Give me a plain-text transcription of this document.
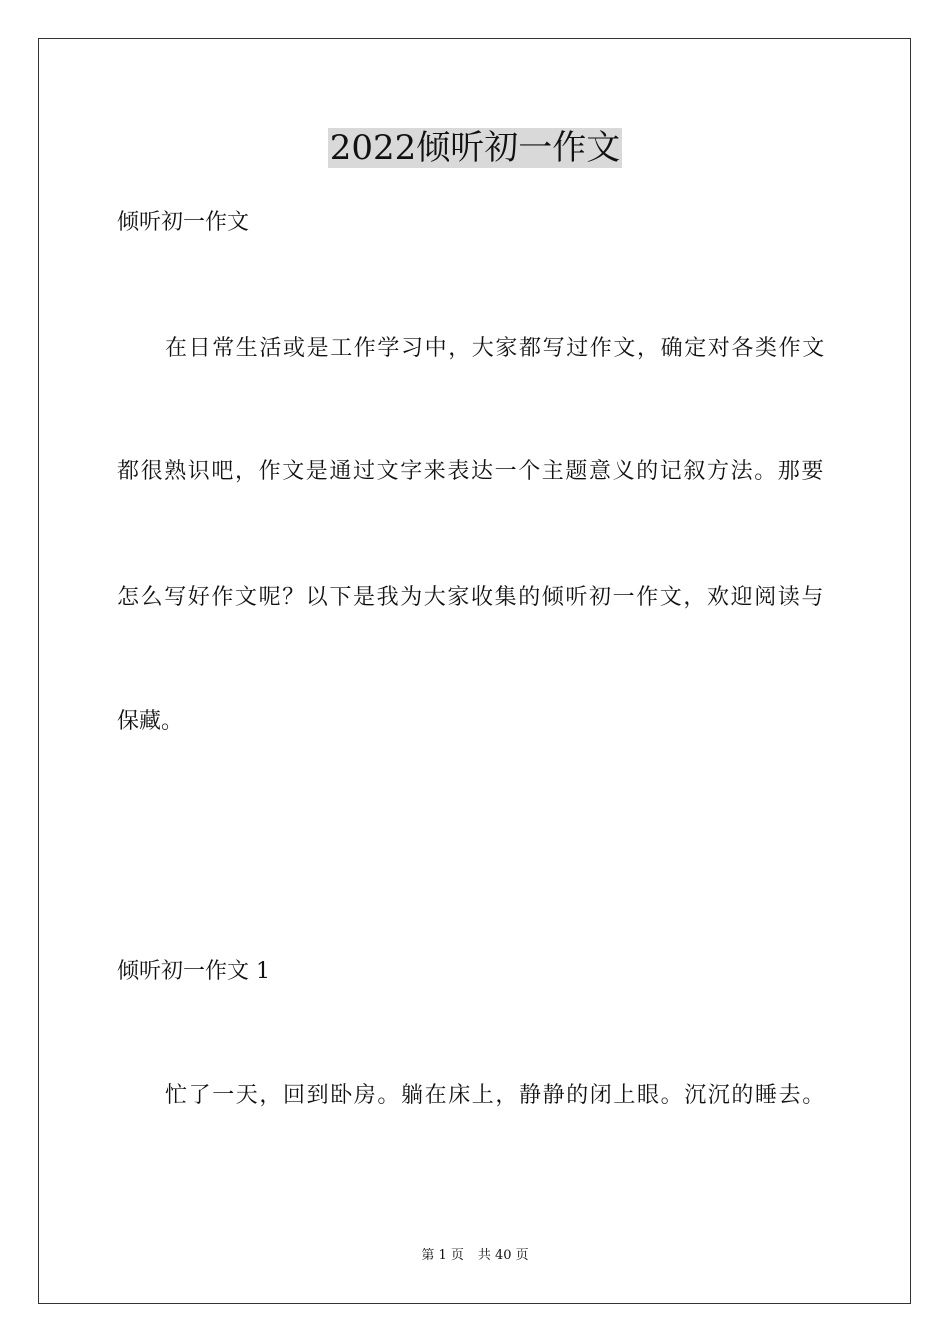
2022倾听初一作文
倾听初一作文
在日常生活或是工作学习中，大家都写过作文，确定对各类作文
都很熟识吧，作文是通过文字来表达一个主题意义的记叙方法。那要
怎么写好作文呢？以下是我为大家收集的倾听初一作文，欢迎阅读与
保藏。
倾听初一作文 1
忙了一天，回到卧房。躺在床上，静静的闭上眼。沉沉的睡去。
第 1 页 共 40 页
